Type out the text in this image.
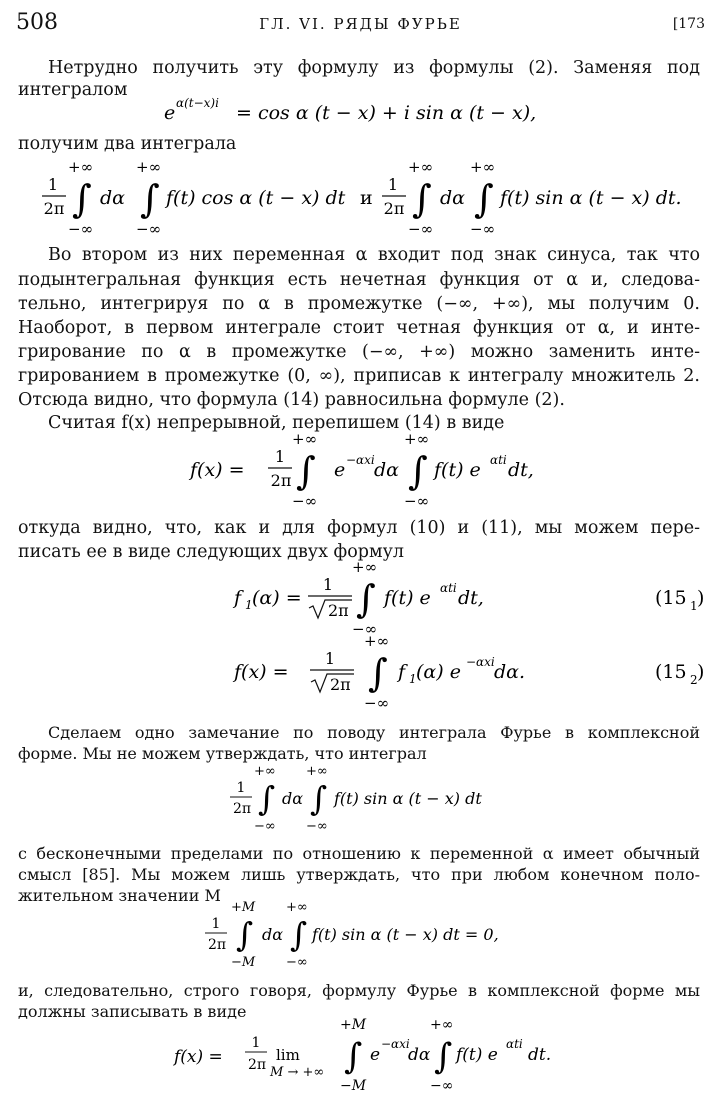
508	ГЛ. VI. РЯДЫ ФУРЬЕ	[173
Нетрудно получить эту формулу из формулы (2). Заменяя под
интегралом
e α(t−x)i = cos α (t − x) + i sin α (t − x),
получим два интеграла
1
2π
+∞
∫
−∞
dα
+∞
∫
−∞
f(t) cos α (t − x) dt и
1
2π
+∞
∫
−∞
dα
+∞
∫
−∞
f(t) sin α (t − x) dt.
Во втором из них переменная α входит под знак синуса, так что
подынтегральная функция есть нечетная функция от α и, следова-
тельно, интегрируя по α в промежутке (−∞, +∞), мы получим 0.
Наоборот, в первом интеграле стоит четная функция от α, и инте-
грирование по α в промежутке (−∞, +∞) можно заменить инте-
грированием в промежутке (0, ∞), приписав к интегралу множитель 2.
Отсюда видно, что формула (14) равносильна формуле (2).
Считая f(x) непрерывной, перепишем (14) в виде
f(x) =
1
2π
+∞
∫
−∞
e −αxi dα
+∞
∫
−∞
f(t) e αti dt,
откуда видно, что, как и для формул (10) и (11), мы можем пере-
писать ее в виде следующих двух формул
f 1 (α) =
1
2π
+∞
∫
−∞
f(t) e αti dt,	(15 1 )
f(x) =
1
2π
+∞
∫
−∞
f 1 (α) e −αxi dα.	(15 2 )
Сделаем одно замечание по поводу интеграла Фурье в комплексной
форме. Мы не можем утверждать, что интеграл
1
2π
+∞
∫
−∞
dα
+∞
∫
−∞
f(t) sin α (t − x) dt
с бесконечными пределами по отношению к переменной α имеет обычный
смысл [85]. Мы можем лишь утверждать, что при любом конечном поло-
жительном значении M
1
2π
+M
∫
−M
dα
+∞
∫
−∞
f(t) sin α (t − x) dt = 0,
и, следовательно, строго говоря, формулу Фурье в комплексной форме мы
должны записывать в виде
f(x) =
1
2π
lim
M → +∞
+M
∫
−M
e
−αxi
dα
+∞
∫
−∞
f(t) e
αti
dt.
